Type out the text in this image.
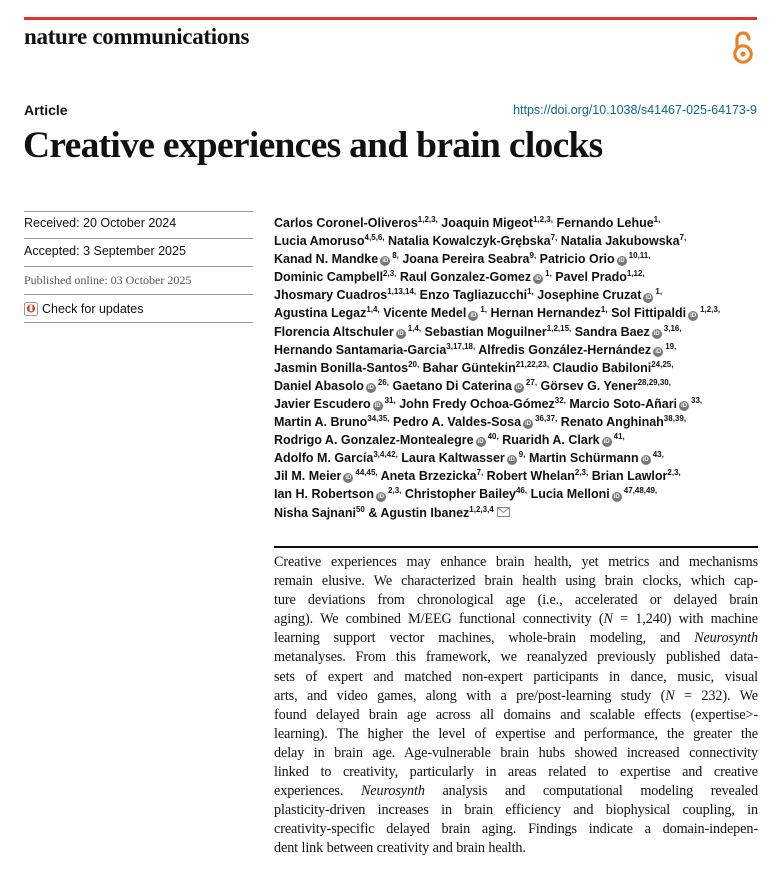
nature communications
Article	https://doi.org/10.1038/s41467-025-64173-9
Creative experiences and brain clocks
Received: 20 October 2024
Accepted: 3 September 2025
Published online: 03 October 2025
Check for updates
Carlos Coronel-Oliveros$^{1,2,3,}$ Joaquin Migeot$^{1,2,3,}$ Fernando Lehue$^{1,}$
Lucia Amoruso$^{4,5,6,}$ Natalia Kowalczyk-Grębska$^{7,}$ Natalia Jakubowska$^{7,}$
Kanad N. Mandke $iD^{8,}$ Joana Pereira Seabra$^{9,}$ Patricio Orio $iD^{10,11,}$
Dominic Campbell$^{2,3,}$ Raul Gonzalez-Gomez $iD^{1,}$ Pavel Prado$^{1,12,}$
Jhosmary Cuadros$^{1,13,14,}$ Enzo Tagliazucchi$^{1,}$ Josephine Cruzat $iD^{1,}$
Agustina Legaz$^{1,4,}$ Vicente Medel $iD^{1,}$ Hernan Hernandez$^{1,}$ Sol Fittipaldi $iD^{1,2,3,}$
Florencia Altschuler $iD^{1,4,}$ Sebastian Moguilner$^{1,2,15,}$ Sandra Baez $iD^{3,16,}$
Hernando Santamaria-Garcia$^{3,17,18,}$ Alfredis González-Hernández $iD^{19,}$
Jasmin Bonilla-Santos$^{20,}$ Bahar Güntekin$^{21,22,23,}$ Claudio Babiloni$^{24,25,}$
Daniel Abasolo $iD^{26,}$ Gaetano Di Caterina $iD^{27,}$ Görsev G. Yener$^{28,29,30,}$
Javier Escudero $iD^{31,}$ John Fredy Ochoa-Gómez$^{32,}$ Marcio Soto-Añari $iD^{33,}$
Martin A. Bruno$^{34,35,}$ Pedro A. Valdes-Sosa $iD^{36,37,}$ Renato Anghinah$^{38,39,}$
Rodrigo A. Gonzalez-Montealegre $iD^{40,}$ Ruaridh A. Clark $iD^{41,}$
Adolfo M. García$^{3,4,42,}$ Laura Kaltwasser $iD^{9,}$ Martin Schürmann $iD^{43,}$
Jil M. Meier $iD^{44,45,}$ Aneta Brzezicka$^{7,}$ Robert Whelan$^{2,3,}$ Brian Lawlor$^{2,3,}$
Ian H. Robertson $iD^{2,3,}$ Christopher Bailey$^{46,}$ Lucia Melloni $iD^{47,48,49,}$
Nisha Sajnani$^{50}$ & Agustin Ibanez$^{1,2,3,4}$
Creative experiences may enhance brain health, yet metrics and mechanisms
remain elusive. We characterized brain health using brain clocks, which cap-
ture deviations from chronological age (i.e., accelerated or delayed brain
aging). We combined M/EEG functional connectivity (N = 1,240) with machine
learning support vector machines, whole-brain modeling, and Neurosynth
metanalyses. From this framework, we reanalyzed previously published data-
sets of expert and matched non-expert participants in dance, music, visual
arts, and video games, along with a pre/post-learning study (N = 232). We
found delayed brain age across all domains and scalable effects (expertise>-
learning). The higher the level of expertise and performance, the greater the
delay in brain age. Age-vulnerable brain hubs showed increased connectivity
linked to creativity, particularly in areas related to expertise and creative
experiences. Neurosynth analysis and computational modeling revealed
plasticity-driven increases in brain efficiency and biophysical coupling, in
creativity-specific delayed brain aging. Findings indicate a domain-indepen-
dent link between creativity and brain health.
